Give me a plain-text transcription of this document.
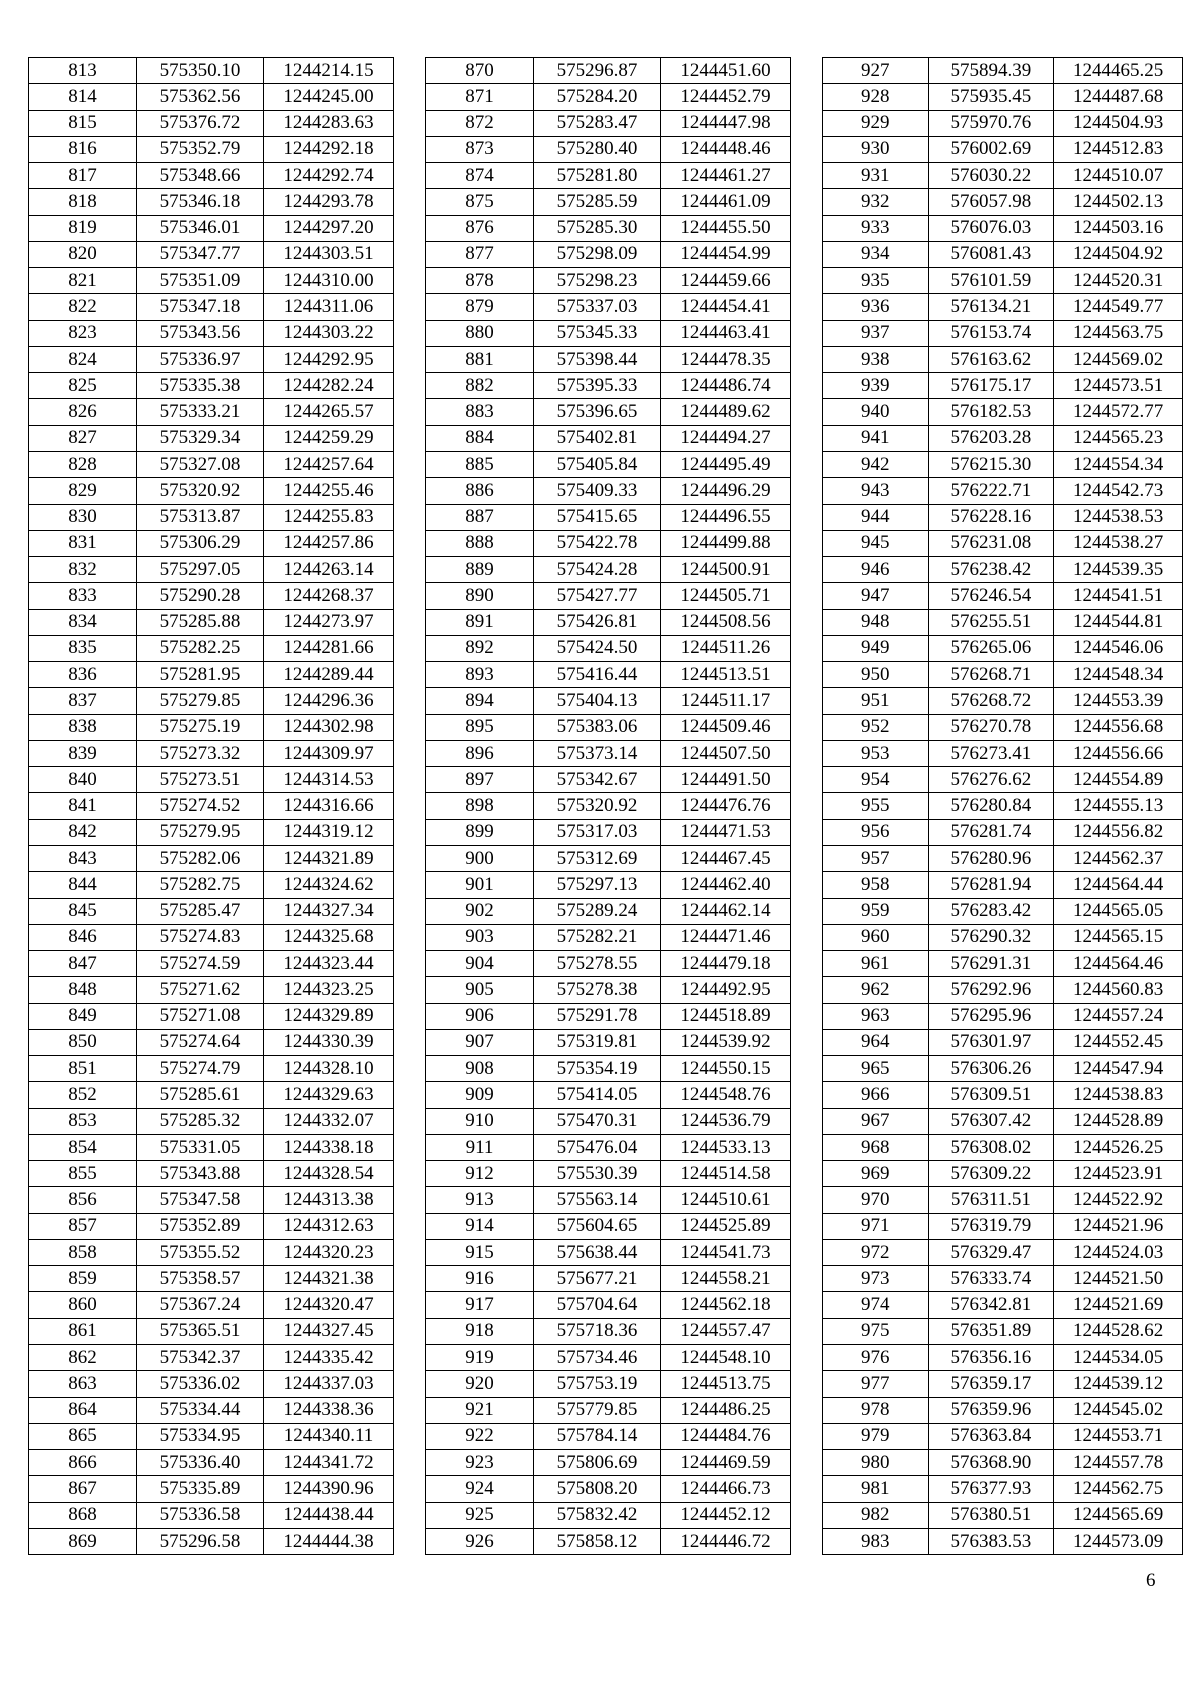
813	575350.10	1244214.15
814	575362.56	1244245.00
815	575376.72	1244283.63
816	575352.79	1244292.18
817	575348.66	1244292.74
818	575346.18	1244293.78
819	575346.01	1244297.20
820	575347.77	1244303.51
821	575351.09	1244310.00
822	575347.18	1244311.06
823	575343.56	1244303.22
824	575336.97	1244292.95
825	575335.38	1244282.24
826	575333.21	1244265.57
827	575329.34	1244259.29
828	575327.08	1244257.64
829	575320.92	1244255.46
830	575313.87	1244255.83
831	575306.29	1244257.86
832	575297.05	1244263.14
833	575290.28	1244268.37
834	575285.88	1244273.97
835	575282.25	1244281.66
836	575281.95	1244289.44
837	575279.85	1244296.36
838	575275.19	1244302.98
839	575273.32	1244309.97
840	575273.51	1244314.53
841	575274.52	1244316.66
842	575279.95	1244319.12
843	575282.06	1244321.89
844	575282.75	1244324.62
845	575285.47	1244327.34
846	575274.83	1244325.68
847	575274.59	1244323.44
848	575271.62	1244323.25
849	575271.08	1244329.89
850	575274.64	1244330.39
851	575274.79	1244328.10
852	575285.61	1244329.63
853	575285.32	1244332.07
854	575331.05	1244338.18
855	575343.88	1244328.54
856	575347.58	1244313.38
857	575352.89	1244312.63
858	575355.52	1244320.23
859	575358.57	1244321.38
860	575367.24	1244320.47
861	575365.51	1244327.45
862	575342.37	1244335.42
863	575336.02	1244337.03
864	575334.44	1244338.36
865	575334.95	1244340.11
866	575336.40	1244341.72
867	575335.89	1244390.96
868	575336.58	1244438.44
869	575296.58	1244444.38
870	575296.87	1244451.60
871	575284.20	1244452.79
872	575283.47	1244447.98
873	575280.40	1244448.46
874	575281.80	1244461.27
875	575285.59	1244461.09
876	575285.30	1244455.50
877	575298.09	1244454.99
878	575298.23	1244459.66
879	575337.03	1244454.41
880	575345.33	1244463.41
881	575398.44	1244478.35
882	575395.33	1244486.74
883	575396.65	1244489.62
884	575402.81	1244494.27
885	575405.84	1244495.49
886	575409.33	1244496.29
887	575415.65	1244496.55
888	575422.78	1244499.88
889	575424.28	1244500.91
890	575427.77	1244505.71
891	575426.81	1244508.56
892	575424.50	1244511.26
893	575416.44	1244513.51
894	575404.13	1244511.17
895	575383.06	1244509.46
896	575373.14	1244507.50
897	575342.67	1244491.50
898	575320.92	1244476.76
899	575317.03	1244471.53
900	575312.69	1244467.45
901	575297.13	1244462.40
902	575289.24	1244462.14
903	575282.21	1244471.46
904	575278.55	1244479.18
905	575278.38	1244492.95
906	575291.78	1244518.89
907	575319.81	1244539.92
908	575354.19	1244550.15
909	575414.05	1244548.76
910	575470.31	1244536.79
911	575476.04	1244533.13
912	575530.39	1244514.58
913	575563.14	1244510.61
914	575604.65	1244525.89
915	575638.44	1244541.73
916	575677.21	1244558.21
917	575704.64	1244562.18
918	575718.36	1244557.47
919	575734.46	1244548.10
920	575753.19	1244513.75
921	575779.85	1244486.25
922	575784.14	1244484.76
923	575806.69	1244469.59
924	575808.20	1244466.73
925	575832.42	1244452.12
926	575858.12	1244446.72
927	575894.39	1244465.25
928	575935.45	1244487.68
929	575970.76	1244504.93
930	576002.69	1244512.83
931	576030.22	1244510.07
932	576057.98	1244502.13
933	576076.03	1244503.16
934	576081.43	1244504.92
935	576101.59	1244520.31
936	576134.21	1244549.77
937	576153.74	1244563.75
938	576163.62	1244569.02
939	576175.17	1244573.51
940	576182.53	1244572.77
941	576203.28	1244565.23
942	576215.30	1244554.34
943	576222.71	1244542.73
944	576228.16	1244538.53
945	576231.08	1244538.27
946	576238.42	1244539.35
947	576246.54	1244541.51
948	576255.51	1244544.81
949	576265.06	1244546.06
950	576268.71	1244548.34
951	576268.72	1244553.39
952	576270.78	1244556.68
953	576273.41	1244556.66
954	576276.62	1244554.89
955	576280.84	1244555.13
956	576281.74	1244556.82
957	576280.96	1244562.37
958	576281.94	1244564.44
959	576283.42	1244565.05
960	576290.32	1244565.15
961	576291.31	1244564.46
962	576292.96	1244560.83
963	576295.96	1244557.24
964	576301.97	1244552.45
965	576306.26	1244547.94
966	576309.51	1244538.83
967	576307.42	1244528.89
968	576308.02	1244526.25
969	576309.22	1244523.91
970	576311.51	1244522.92
971	576319.79	1244521.96
972	576329.47	1244524.03
973	576333.74	1244521.50
974	576342.81	1244521.69
975	576351.89	1244528.62
976	576356.16	1244534.05
977	576359.17	1244539.12
978	576359.96	1244545.02
979	576363.84	1244553.71
980	576368.90	1244557.78
981	576377.93	1244562.75
982	576380.51	1244565.69
983	576383.53	1244573.09
6
